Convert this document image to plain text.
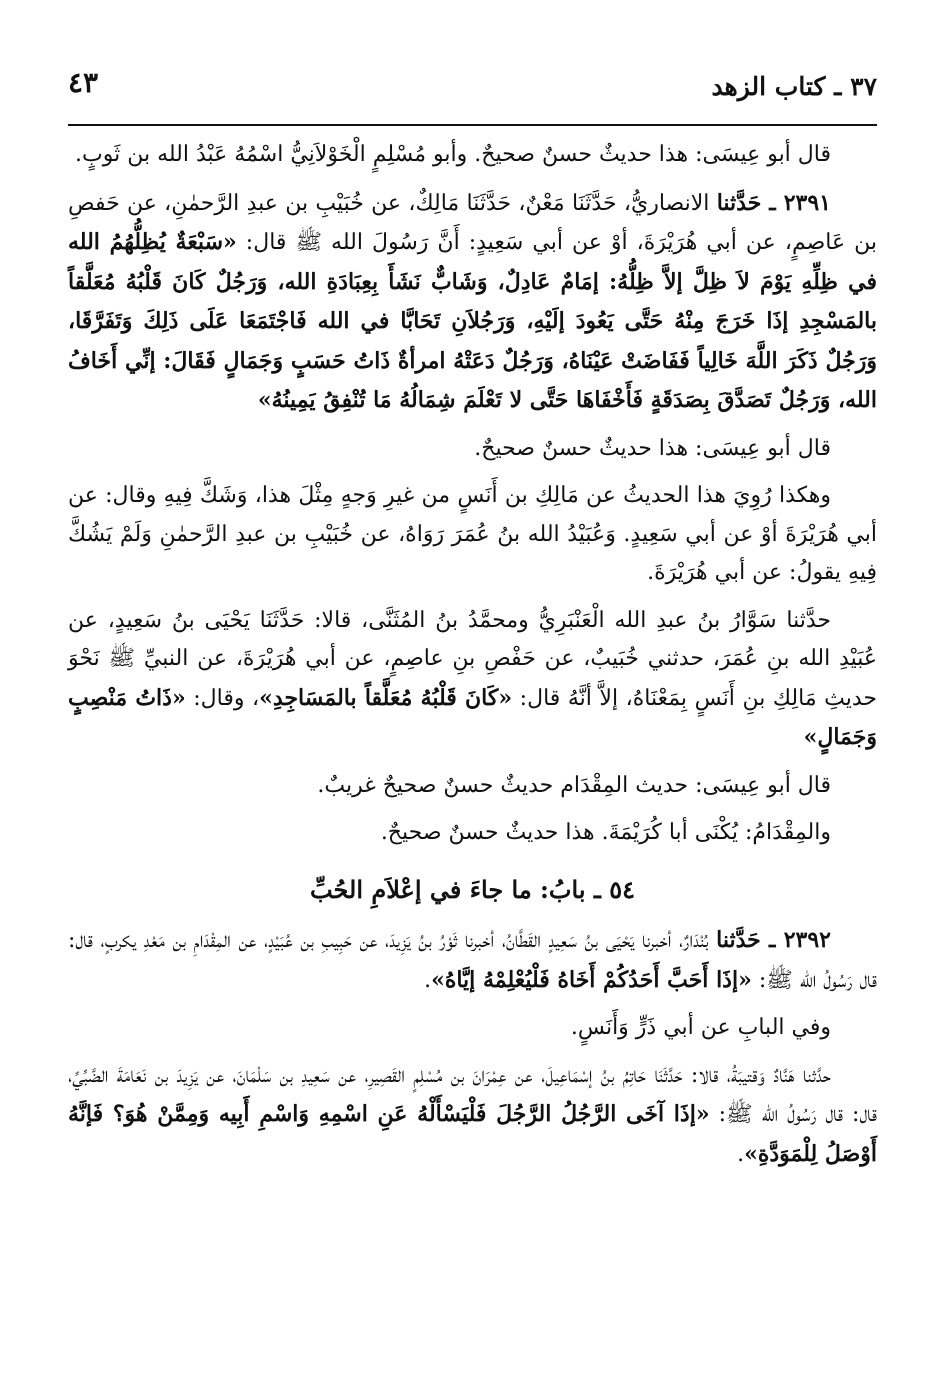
٣٧ ـ كتاب الزهد
٤٣

قال أبو عِيسَى: هذا حديثٌ حسنٌ صحيحٌ. وأبو مُسْلِمٍ الْخَوْلاَنِيُّ اسْمُهُ عَبْدُ الله بن ثَوبٍ.

٢٣٩١ ـ حَدَّثنا الانصاريُّ، حَدَّثَنَا مَعْنٌ، حَدَّثَنَا مَالِكٌ، عن خُبَيْبِ بن عبدِ الرَّحمٰنِ، عن حَفصِ بن عَاصِمٍ، عن أبي هُرَيْرَةَ، أوْ عن أبي سَعِيدٍ: أَنَّ رَسُولَ الله ﷺ قال: «سَبْعَةٌ يُظِلُّهُمُ الله في ظِلِّهِ يَوْمَ لاَ ظِلَّ إلاَّ ظِلُّهُ: إمَامٌ عَادِلٌ، وَشَابٌّ نَشَأَ بِعِبَادَةِ الله، وَرَجُلٌ كَانَ قَلْبُهُ مُعَلَّقاً بالمَسْجِدِ إذَا خَرَجَ مِنْهُ حَتَّى يَعُودَ إلَيْهِ، وَرَجُلاَنِ تَحَابَّا في الله فَاجْتَمَعَا عَلَى ذَلِكَ وَتَفَرَّقَا، وَرَجُلٌ ذَكَرَ اللَّهَ خَالِياً فَفَاضَتْ عَيْنَاهُ، وَرَجُلٌ دَعَتْهُ امرأةٌ ذَاتُ حَسَبٍ وَجَمَالٍ فَقَالَ: إنِّي أَخَافُ الله، وَرَجُلٌ تَصَدَّقَ بِصَدَقَةٍ فَأَخْفَاهَا حَتَّى لا تَعْلَمَ شِمَالُهُ مَا تُنْفِقُ يَمِينُهُ»

قال أبو عِيسَى: هذا حديثٌ حسنٌ صحيحٌ.

وهكذا رُوِيَ هذا الحديثُ عن مَالِكِ بن أَنَسٍ من غيرِ وَجهٍ مِثْلَ هذا، وَشَكَّ فِيهِ وقال: عن أبي هُرَيْرَةَ أوْ عن أبي سَعِيدٍ. وَعُبَيْدُ الله بنُ عُمَرَ رَوَاهُ، عن خُبَيْبِ بن عبدِ الرَّحمٰنِ وَلَمْ يَشُكَّ فِيهِ يقولُ: عن أبي هُرَيْرَةَ.

حدَّثنا سَوَّارُ بنُ عبدِ الله الْعَنْبَرِيُّ ومحمَّدُ بنُ المُثَنَّى، قالا: حَدَّثَنَا يَحْيَى بنُ سَعِيدٍ، عن عُبَيْدِ الله بنِ عُمَرَ، حدثني خُبَيبٌ، عن حَفْصِ بنِ عاصِمٍ، عن أبي هُرَيْرَةَ، عن النبيِّ ﷺ نَحْوَ حديثِ مَالِكِ بنِ أَنَسٍ بِمَعْنَاهُ، إلاَّ أنَّهُ قال: «كَانَ قَلْبُهُ مُعَلَّقاً بالمَسَاجِدِ»، وقال: «ذَاتُ مَنْصِبٍ وَجَمَالٍ»

قال أبو عِيسَى: حديث المِقْدَام حديثٌ حسنٌ صحيحٌ غريبٌ.

والمِقْدَامُ: يُكْنَى أبا كُرَيْمَةَ. هذا حديثٌ حسنٌ صحيحٌ.

٥٤ ـ بابُ: ما جاءَ في إعْلاَمِ الحُبِّ

٢٣٩٢ ـ حَدَّثنا بُنْدَارٌ، أخبرنا يَحْيَى بنُ سَعِيدٍ القَطَّانُ، أخبرنا ثَوْرُ بنُ يَزِيدَ، عن حَبِيبِ بن عُبَيْدٍ، عن المِقْدَامِ بن مَعْدِ يكربٍ، قال: قال رَسُولُ الله ﷺ: «إذَا أَحَبَّ أَحَدُكُمْ أَخَاهُ فَلْيُعْلِمْهُ إيَّاهُ».

وفي البابِ عن أبي ذَرٍّ وَأَنَسٍ.

حدَّثنا هَنَّادٌ وَقتيبَةُ، قالا: حَدَّثَنَا حَاتِمُ بنُ إسْمَاعِيلَ، عن عِمْرَانَ بن مُسْلِمٍ القَصِيرِ، عن سَعِيدِ بن سَلْمَانَ، عن يَزِيدَ بن نَعَامَةَ الضَّبِّيِّ، قال: قال رَسُولُ الله ﷺ: «إذَا آخَى الرَّجُلُ الرَّجُلَ فَلْيَسْأَلْهُ عَنِ اسْمِهِ وَاسْمِ أَبِيه وَمِمَّنْ هُوَ؟ فَإنَّهُ أَوْصَلُ لِلْمَوَدَّةِ».
